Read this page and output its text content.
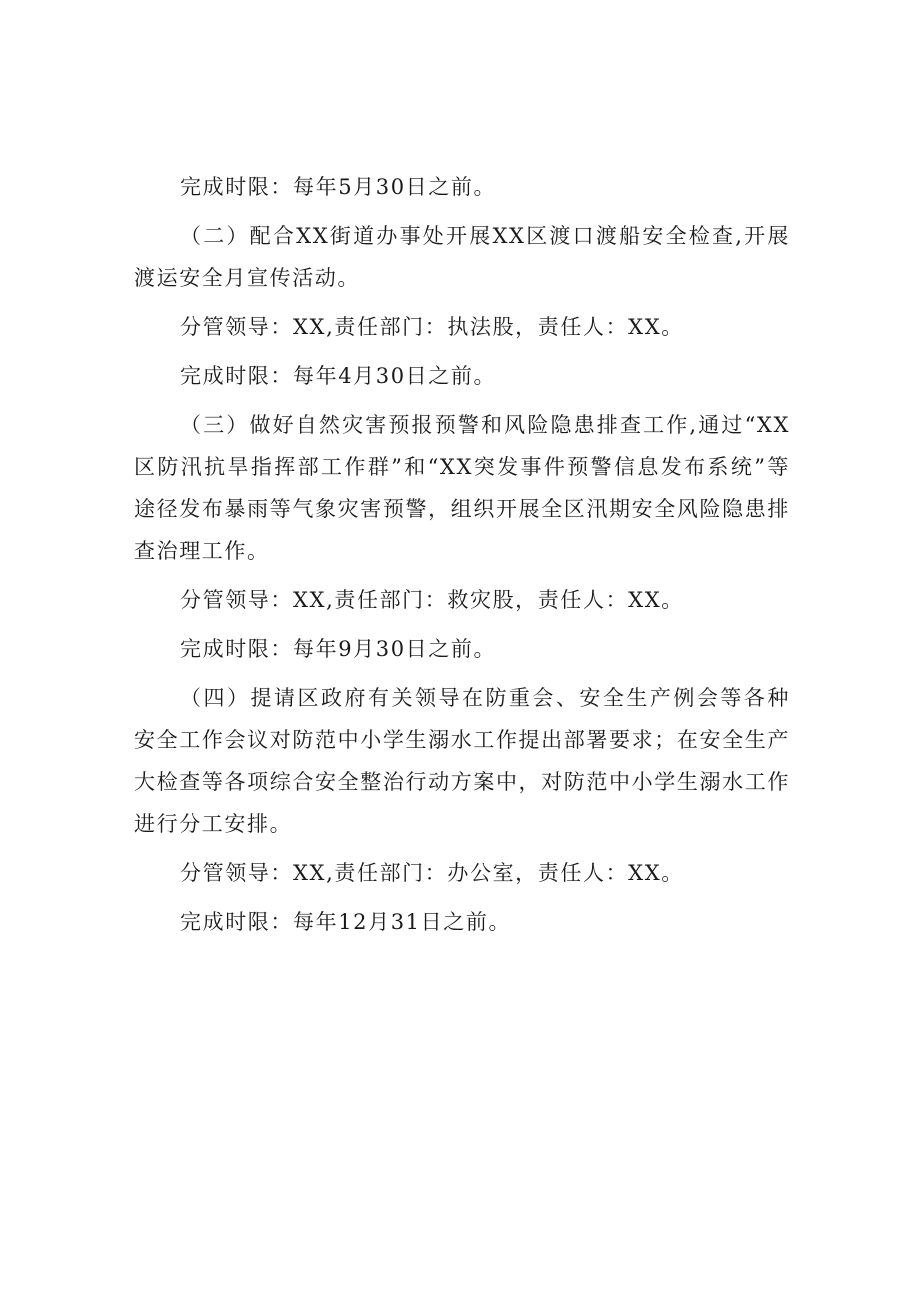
完成时限：每年5月30日之前。

（二）配合XX街道办事处开展XX区渡口渡船安全检查,开展渡运安全月宣传活动。

分管领导：XX,责任部门：执法股，责任人：XX。

完成时限：每年4月30日之前。

（三）做好自然灾害预报预警和风险隐患排查工作,通过“XX区防汛抗旱指挥部工作群”和“XX突发事件预警信息发布系统”等途径发布暴雨等气象灾害预警，组织开展全区汛期安全风险隐患排查治理工作。

分管领导：XX,责任部门：救灾股，责任人：XX。

完成时限：每年9月30日之前。

（四）提请区政府有关领导在防重会、安全生产例会等各种安全工作会议对防范中小学生溺水工作提出部署要求；在安全生产大检查等各项综合安全整治行动方案中，对防范中小学生溺水工作进行分工安排。

分管领导：XX,责任部门：办公室，责任人：XX。

完成时限：每年12月31日之前。
